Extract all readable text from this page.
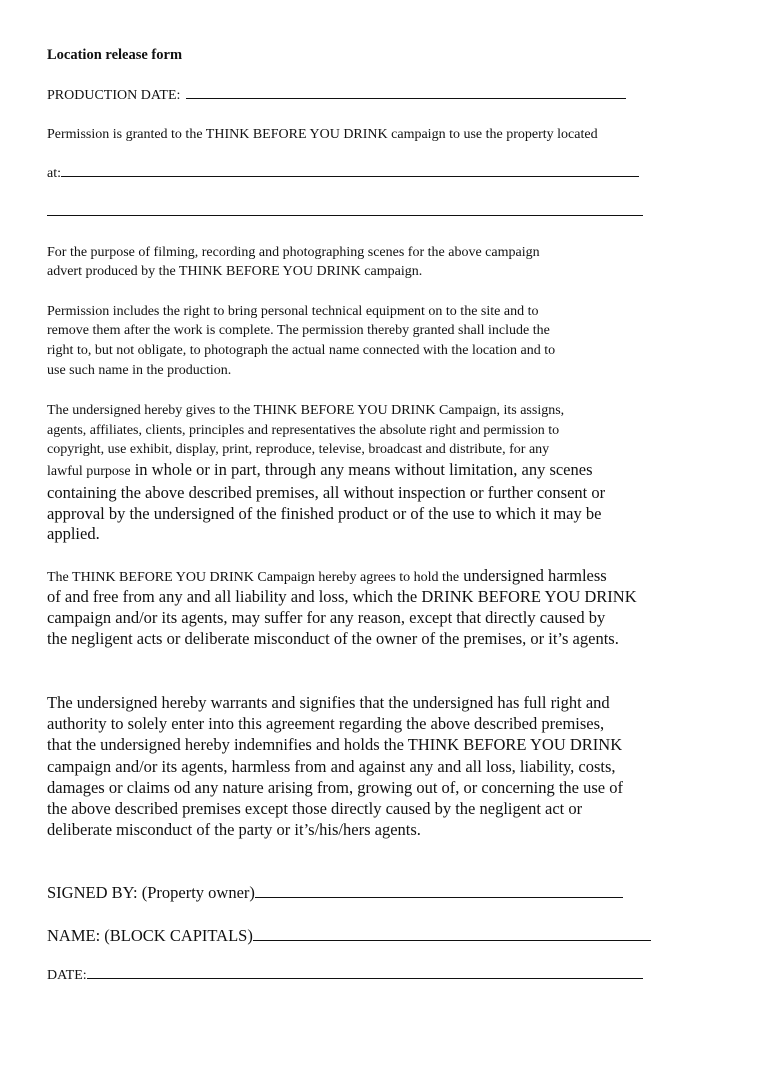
Location release form

PRODUCTION DATE:

Permission is granted to the THINK BEFORE YOU DRINK campaign to use the property located

at:

For the purpose of filming, recording and photographing scenes for the above campaign

advert produced by the THINK BEFORE YOU DRINK campaign.

Permission includes the right to bring personal technical equipment on to the site and to

remove them after the work is complete. The permission thereby granted shall include the

right to, but not obligate, to photograph the actual name connected with the location and to

use such name in the production.

The undersigned hereby gives to the THINK BEFORE YOU DRINK Campaign, its assigns,

agents, affiliates, clients, principles and representatives the absolute right and permission to

copyright, use exhibit, display, print, reproduce, televise, broadcast and distribute, for any

lawful purpose in whole or in part, through any means without limitation, any scenes

containing the above described premises, all without inspection or further consent or

approval by the undersigned of the finished product or of the use to which it may be

applied.

The THINK BEFORE YOU DRINK Campaign hereby agrees to hold the undersigned harmless

of and free from any and all liability and loss, which the DRINK BEFORE YOU DRINK

campaign and/or its agents, may suffer for any reason, except that directly caused by

the negligent acts or deliberate misconduct of the owner of the premises, or it’s agents.

The undersigned hereby warrants and signifies that the undersigned has full right and

authority to solely enter into this agreement regarding the above described premises,

that the undersigned hereby indemnifies and holds the THINK BEFORE YOU DRINK

campaign and/or its agents, harmless from and against any and all loss, liability, costs,

damages or claims od any nature arising from, growing out of, or concerning the use of

the above described premises except those directly caused by the negligent act or

deliberate misconduct of the party or it’s/his/hers agents.

SIGNED BY: (Property owner)

NAME: (BLOCK CAPITALS)

DATE:
